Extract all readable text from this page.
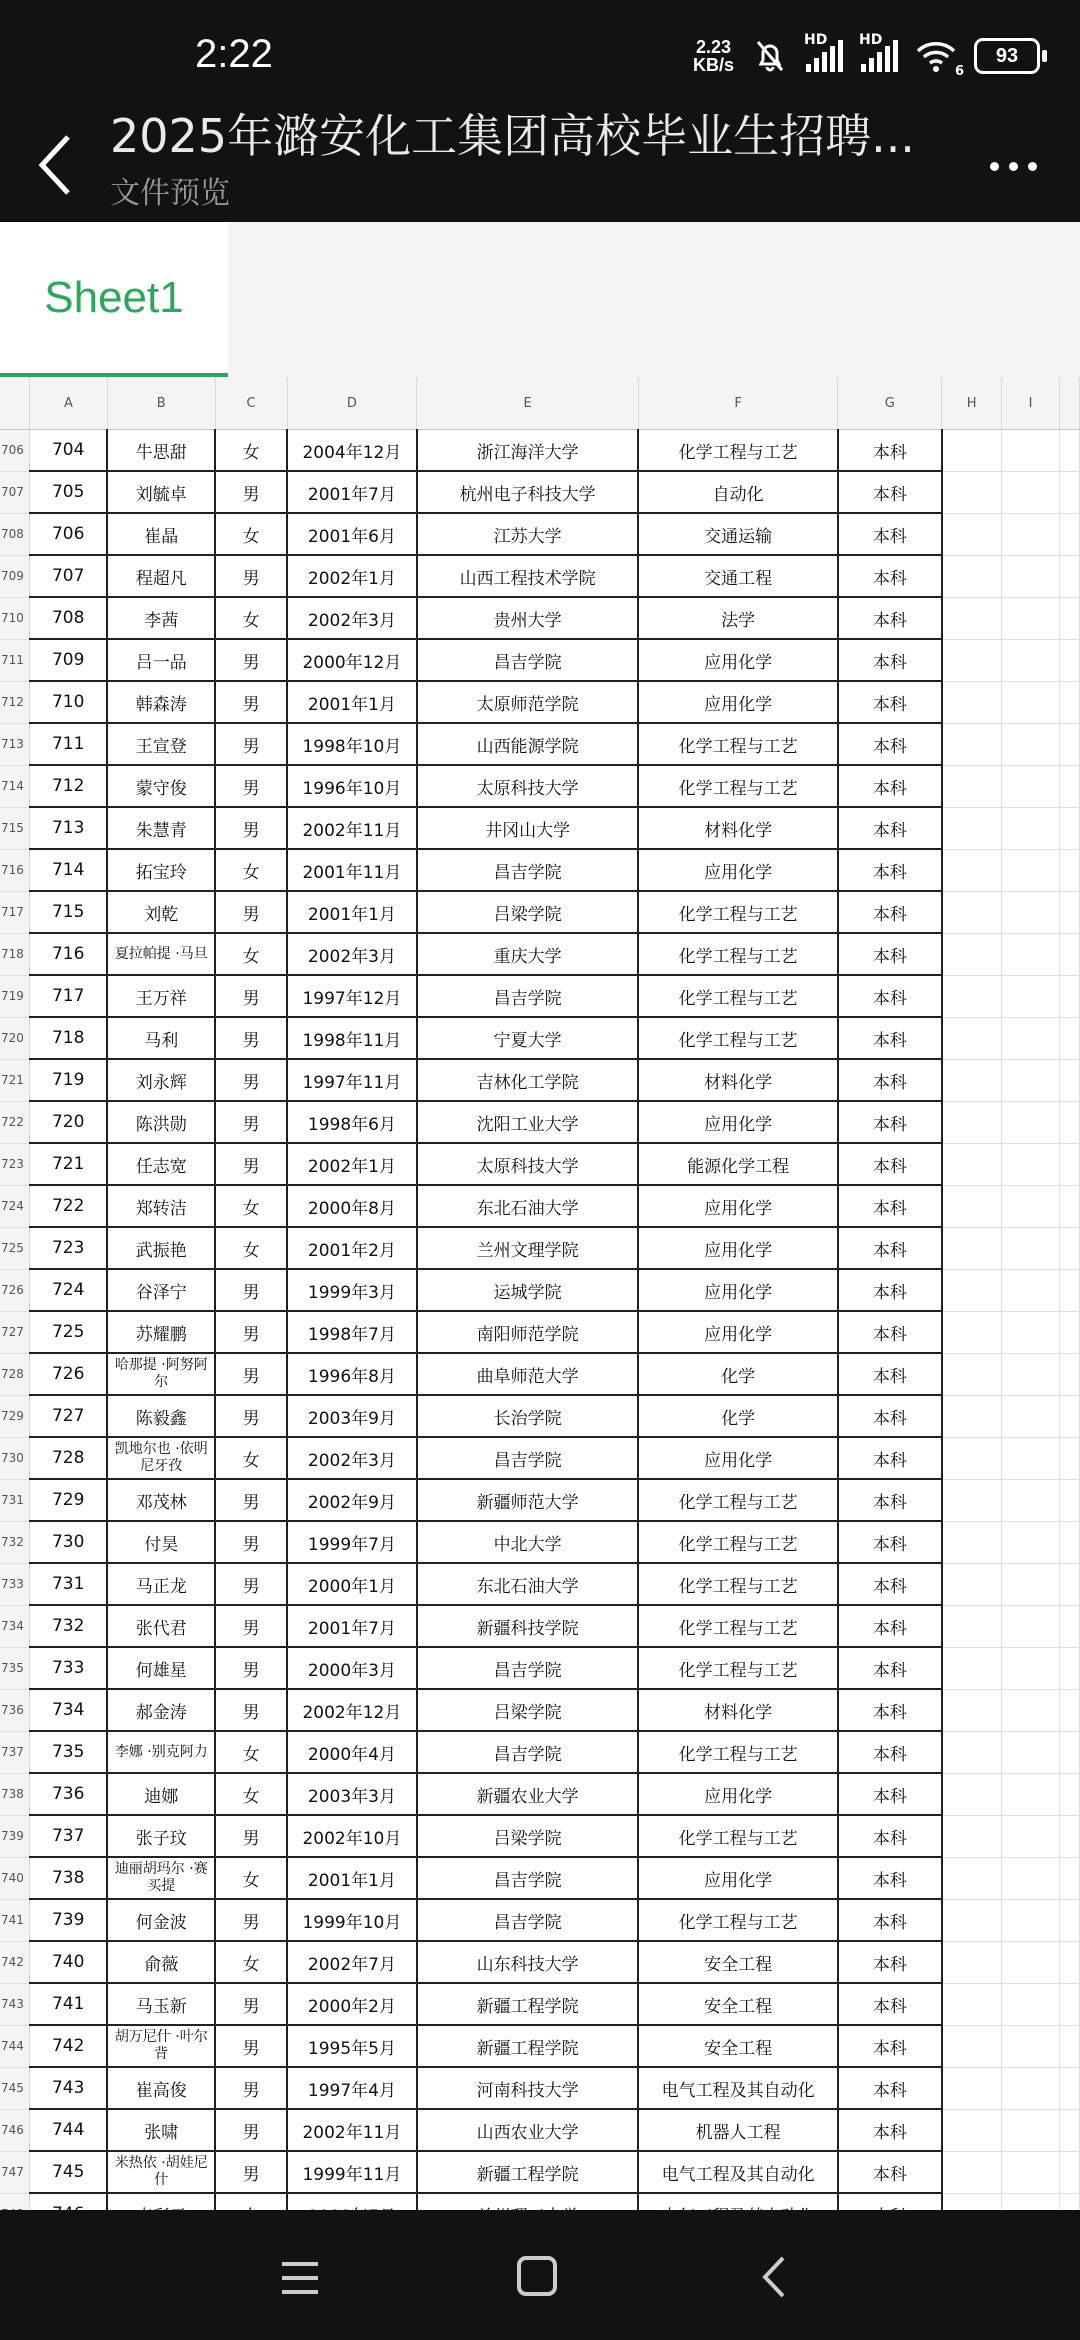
2:22	2.23
KB/s
HD HD
6
93
2025年潞安化工集团高校毕业生招聘...
文件预览
Sheet1
	A	B	C	D	E	F	G	H	I	
706	704	牛思甜	女	2004年12月	浙江海洋大学	化学工程与工艺	本科			
707	705	刘毓卓	男	2001年7月	杭州电子科技大学	自动化	本科			
708	706	崔晶	女	2001年6月	江苏大学	交通运输	本科			
709	707	程超凡	男	2002年1月	山西工程技术学院	交通工程	本科			
710	708	李茜	女	2002年3月	贵州大学	法学	本科			
711	709	吕一品	男	2000年12月	昌吉学院	应用化学	本科			
712	710	韩森涛	男	2001年1月	太原师范学院	应用化学	本科			
713	711	王宣登	男	1998年10月	山西能源学院	化学工程与工艺	本科			
714	712	蒙守俊	男	1996年10月	太原科技大学	化学工程与工艺	本科			
715	713	朱慧青	男	2002年11月	井冈山大学	材料化学	本科			
716	714	拓宝玲	女	2001年11月	昌吉学院	应用化学	本科			
717	715	刘乾	男	2001年1月	吕梁学院	化学工程与工艺	本科			
718	716	夏拉帕提 ·马旦	女	2002年3月	重庆大学	化学工程与工艺	本科			
719	717	王万祥	男	1997年12月	昌吉学院	化学工程与工艺	本科			
720	718	马利	男	1998年11月	宁夏大学	化学工程与工艺	本科			
721	719	刘永辉	男	1997年11月	吉林化工学院	材料化学	本科			
722	720	陈洪勋	男	1998年6月	沈阳工业大学	应用化学	本科			
723	721	任志宽	男	2002年1月	太原科技大学	能源化学工程	本科			
724	722	郑转洁	女	2000年8月	东北石油大学	应用化学	本科			
725	723	武振艳	女	2001年2月	兰州文理学院	应用化学	本科			
726	724	谷泽宁	男	1999年3月	运城学院	应用化学	本科			
727	725	苏耀鹏	男	1998年7月	南阳师范学院	应用化学	本科			
728	726	哈那提 ·阿努阿尔	男	1996年8月	曲阜师范大学	化学	本科			
729	727	陈毅鑫	男	2003年9月	长治学院	化学	本科			
730	728	凯地尔也 ·依明尼牙孜	女	2002年3月	昌吉学院	应用化学	本科			
731	729	邓茂林	男	2002年9月	新疆师范大学	化学工程与工艺	本科			
732	730	付昊	男	1999年7月	中北大学	化学工程与工艺	本科			
733	731	马正龙	男	2000年1月	东北石油大学	化学工程与工艺	本科			
734	732	张代君	男	2001年7月	新疆科技学院	化学工程与工艺	本科			
735	733	何雄星	男	2000年3月	昌吉学院	化学工程与工艺	本科			
736	734	郝金涛	男	2002年12月	吕梁学院	材料化学	本科			
737	735	李娜 ·别克阿力	女	2000年4月	昌吉学院	化学工程与工艺	本科			
738	736	迪娜	女	2003年3月	新疆农业大学	应用化学	本科			
739	737	张子玟	男	2002年10月	吕梁学院	化学工程与工艺	本科			
740	738	迪丽胡玛尔 ·赛买提	女	2001年1月	昌吉学院	应用化学	本科			
741	739	何金波	男	1999年10月	昌吉学院	化学工程与工艺	本科			
742	740	俞薇	女	2002年7月	山东科技大学	安全工程	本科			
743	741	马玉新	男	2000年2月	新疆工程学院	安全工程	本科			
744	742	胡万尼什 ·叶尔背	男	1995年5月	新疆工程学院	安全工程	本科			
745	743	崔高俊	男	1997年4月	河南科技大学	电气工程及其自动化	本科			
746	744	张啸	男	2002年11月	山西农业大学	机器人工程	本科			
747	745	米热依 ·胡娃尼什	男	1999年11月	新疆工程学院	电气工程及其自动化	本科			
